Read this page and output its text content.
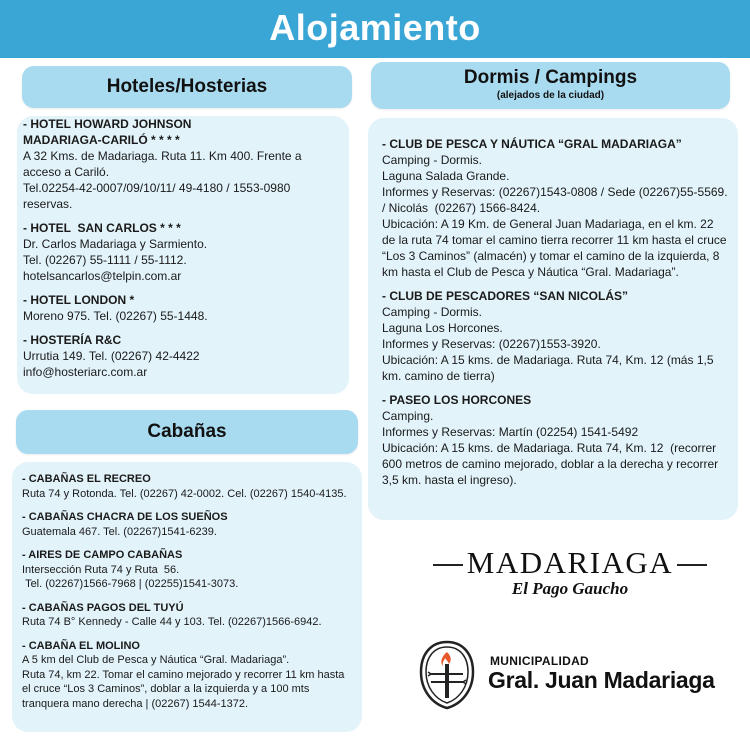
Alojamiento
Hoteles/Hosterias
- HOTEL HOWARD JOHNSON
MADARIAGA-CARILÓ * * * *
A 32 Kms. de Madariaga. Ruta 11. Km 400. Frente a acceso a Cariló.
Tel.02254-42-0007/09/10/11/ 49-4180 / 1553-0980 reservas.
- HOTEL  SAN CARLOS * * *
Dr. Carlos Madariaga y Sarmiento.
Tel. (02267) 55-1111 / 55-1112.
hotelsancarlos@telpin.com.ar
- HOTEL LONDON *
Moreno 975. Tel. (02267) 55-1448.
- HOSTERÍA R&C
Urrutia 149. Tel. (02267) 42-4422
info@hosteriarc.com.ar
Cabañas
- CABAÑAS EL RECREO
Ruta 74 y Rotonda. Tel. (02267) 42-0002. Cel. (02267) 1540-4135.
- CABAÑAS CHACRA DE LOS SUEÑOS
Guatemala 467. Tel. (02267)1541-6239.
- AIRES DE CAMPO CABAÑAS
Intersección Ruta 74 y Ruta  56.
Tel. (02267)1566-7968 | (02255)1541-3073.
- CABAÑAS PAGOS DEL TUYÚ
Ruta 74 B° Kennedy - Calle 44 y 103. Tel. (02267)1566-6942.
- CABAÑA EL MOLINO
A 5 km del Club de Pesca y Náutica “Gral. Madariaga”.
Ruta 74, km 22. Tomar el camino mejorado y recorrer 11 km hasta el cruce “Los 3 Caminos”, doblar a la izquierda y a 100 mts tranquera mano derecha | (02267) 1544-1372.
Dormis / Campings
(alejados de la ciudad)
- CLUB DE PESCA Y NÁUTICA “GRAL MADARIAGA”
Camping - Dormis.
Laguna Salada Grande.
Informes y Reservas: (02267)1543-0808 / Sede (02267)55-5569. / Nicolás  (02267) 1566-8424.
Ubicación: A 19 Km. de General Juan Madariaga, en el km. 22 de la ruta 74 tomar el camino tierra recorrer 11 km hasta el cruce “Los 3 Caminos” (almacén) y tomar el camino de la izquierda, 8 km hasta el Club de Pesca y Náutica “Gral. Madariaga”.
- CLUB DE PESCADORES “SAN NICOLÁS”
Camping - Dormis.
Laguna Los Horcones.
Informes y Reservas: (02267)1553-3920.
Ubicación: A 15 kms. de Madariaga. Ruta 74, Km. 12 (más 1,5 km. camino de tierra)
- PASEO LOS HORCONES
Camping.
Informes y Reservas: Martín (02254) 1541-5492
Ubicación: A 15 kms. de Madariaga. Ruta 74, Km. 12  (recorrer 600 metros de camino mejorado, doblar a la derecha y recorrer 3,5 km. hasta el ingreso).
MADARIAGA
El Pago Gaucho
MUNICIPALIDAD
Gral. Juan Madariaga
